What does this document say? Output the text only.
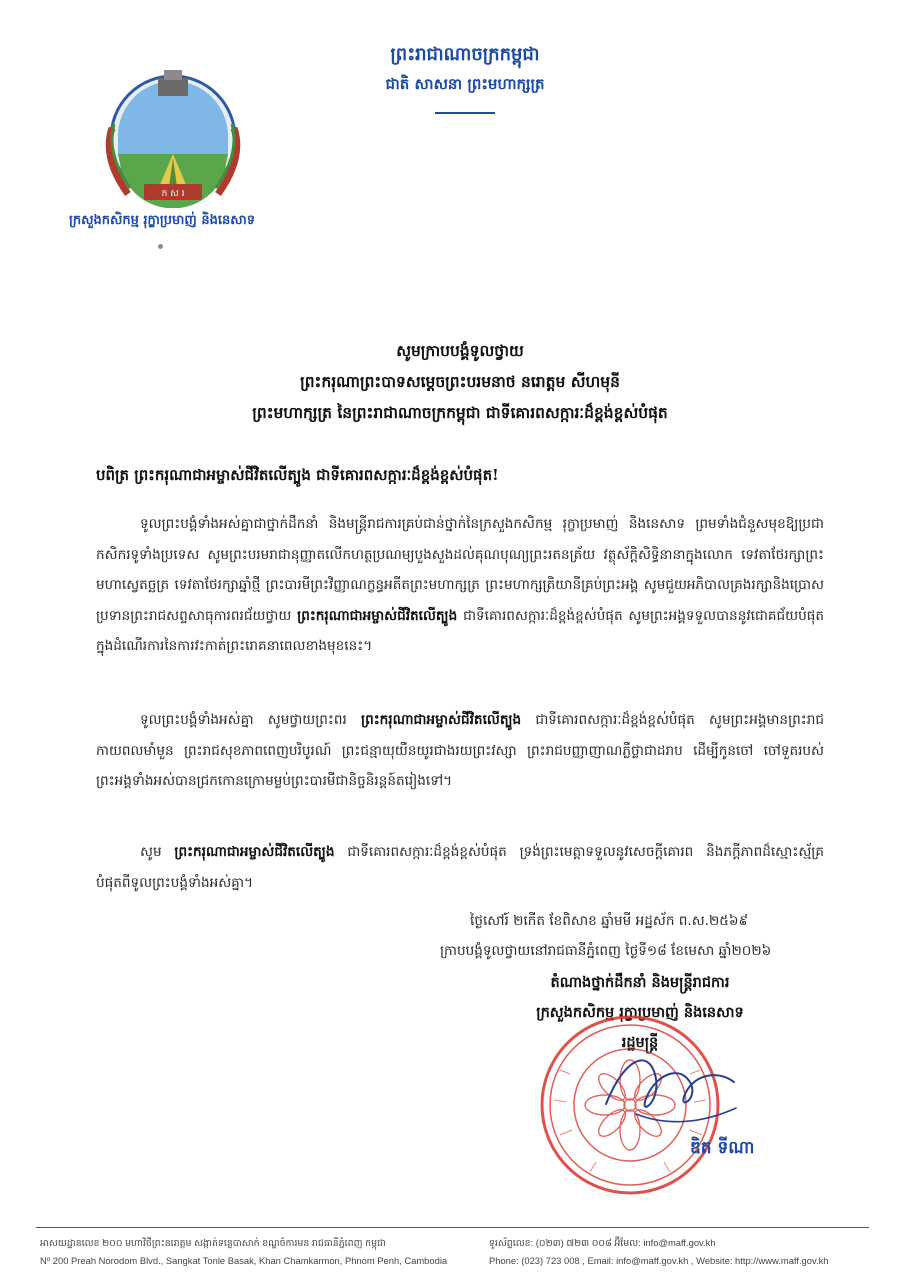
ក ស រ
ក្រសួងកសិកម្ម រុក្ខាប្រមាញ់ និងនេសាទ
ព្រះរាជាណាចក្រកម្ពុជា
ជាតិ សាសនា ព្រះមហាក្សត្រ
សូមក្រាបបង្គំទូលថ្វាយ
ព្រះករុណាព្រះបាទសម្តេចព្រះបរមនាថ នរោត្តម សីហមុនី
ព្រះមហាក្សត្រ នៃព្រះរាជាណាចក្រកម្ពុជា ជាទីគោរពសក្ការៈដ៏ខ្ពង់ខ្ពស់បំផុត
បពិត្រ ព្រះករុណាជាអម្ចាស់ជីវិតលើត្បូង ជាទីគោរពសក្ការៈដ៏ខ្ពង់ខ្ពស់បំផុត!
ទូលព្រះបង្គំទាំងអស់គ្នាជាថ្នាក់ដឹកនាំ និងមន្ត្រីរាជការគ្រប់ជាន់ថ្នាក់នៃក្រសួងកសិកម្ម រុក្ខាប្រមាញ់ និងនេសាទ ព្រមទាំងជំនួសមុខឱ្យប្រជាកសិករទូទាំងប្រទេស សូមព្រះបរមរាជានុញ្ញាតលើកហត្ថប្រណម្យបួងសួងដល់គុណបុណ្យព្រះរតនត្រ័យ វត្ថុស័ក្តិសិទ្ធិនានាក្នុងលោក ទេវតាថែរក្សាព្រះមហាស្វេតច្ឆត្រ ទេវតាថែរក្សាឆ្នាំថ្មី ព្រះបារមីព្រះវិញ្ញាណក្ខន្ធអតីតព្រះមហាក្សត្រ ព្រះមហាក្សត្រិយានីគ្រប់ព្រះអង្គ សូមជួយអភិបាលគ្រងរក្សានិងប្រោសប្រទានព្រះរាជសព្ទសាធុការពរជ័យថ្វាយ ព្រះករុណាជាអម្ចាស់ជីវិតលើត្បូង ជាទីគោរពសក្ការៈដ៏ខ្ពង់ខ្ពស់បំផុត សូមព្រះអង្គទទួលបាននូវជោគជ័យបំផុតក្នុងដំណើរការនៃការវះកាត់ព្រះរោគនាពេលខាងមុខនេះ។
ទូលព្រះបង្គំទាំងអស់គ្នា សូមថ្វាយព្រះពរ ព្រះករុណាជាអម្ចាស់ជីវិតលើត្បូង ជាទីគោរពសក្ការៈដ៏ខ្ពង់ខ្ពស់បំផុត សូមព្រះអង្គមានព្រះរាជកាយពលមាំមួន ព្រះរាជសុខភាពពេញបរិបូរណ៍ ព្រះជន្មាយុយឺនយូរជាងរយព្រះវស្សា ព្រះរាជបញ្ញាញាណភ្លឺថ្លាជាដរាប ដើម្បីកូនចៅ ចៅទួតរបស់ព្រះអង្គទាំងអស់បានជ្រកកោនក្រោមម្លប់ព្រះបារមីជានិច្ចនិរន្តន៍តរៀងទៅ។
សូម ព្រះករុណាជាអម្ចាស់ជីវិតលើត្បូង ជាទីគោរពសក្ការៈដ៏ខ្ពង់ខ្ពស់បំផុត ទ្រង់ព្រះមេត្តាទទួលនូវសេចក្តីគោរព និងភក្តីភាពដ៏ស្មោះស្ម័គ្របំផុតពីទូលព្រះបង្គំទាំងអស់គ្នា។
ថ្ងៃសៅរ៍ ២កើត ខែពិសាខ ឆ្នាំមមី អដ្ឋស័ក ព.ស.២៥៦៩
ក្រាបបង្គំទូលថ្វាយនៅរាជធានីភ្នំពេញ ថ្ងៃទី១៨ ខែមេសា ឆ្នាំ២០២៦
តំណាងថ្នាក់ដឹកនាំ និងមន្ត្រីរាជការ
ក្រសួងកសិកម្ម រុក្ខាប្រមាញ់ និងនេសាទ
រដ្ឋមន្ត្រី
ឌិត ទីណា
អាសយដ្ឋានលេខ ២០០ មហាវិថីព្រះនរោត្តម សង្កាត់ទន្លេបាសាក់ ខណ្ឌចំការមន រាជធានីភ្នំពេញ កម្ពុជា	ទូរស័ព្ទលេខ: (០២៣) ៧២៣ ០០៨ អ៊ីមែល: info@maff.gov.kh
Nº 200 Preah Norodom Blvd., Sangkat Tonle Basak, Khan Chamkarmon, Phnom Penh, Cambodia	Phone: (023) 723 008 , Email: info@maff.gov.kh , Website: http://www.maff.gov.kh
